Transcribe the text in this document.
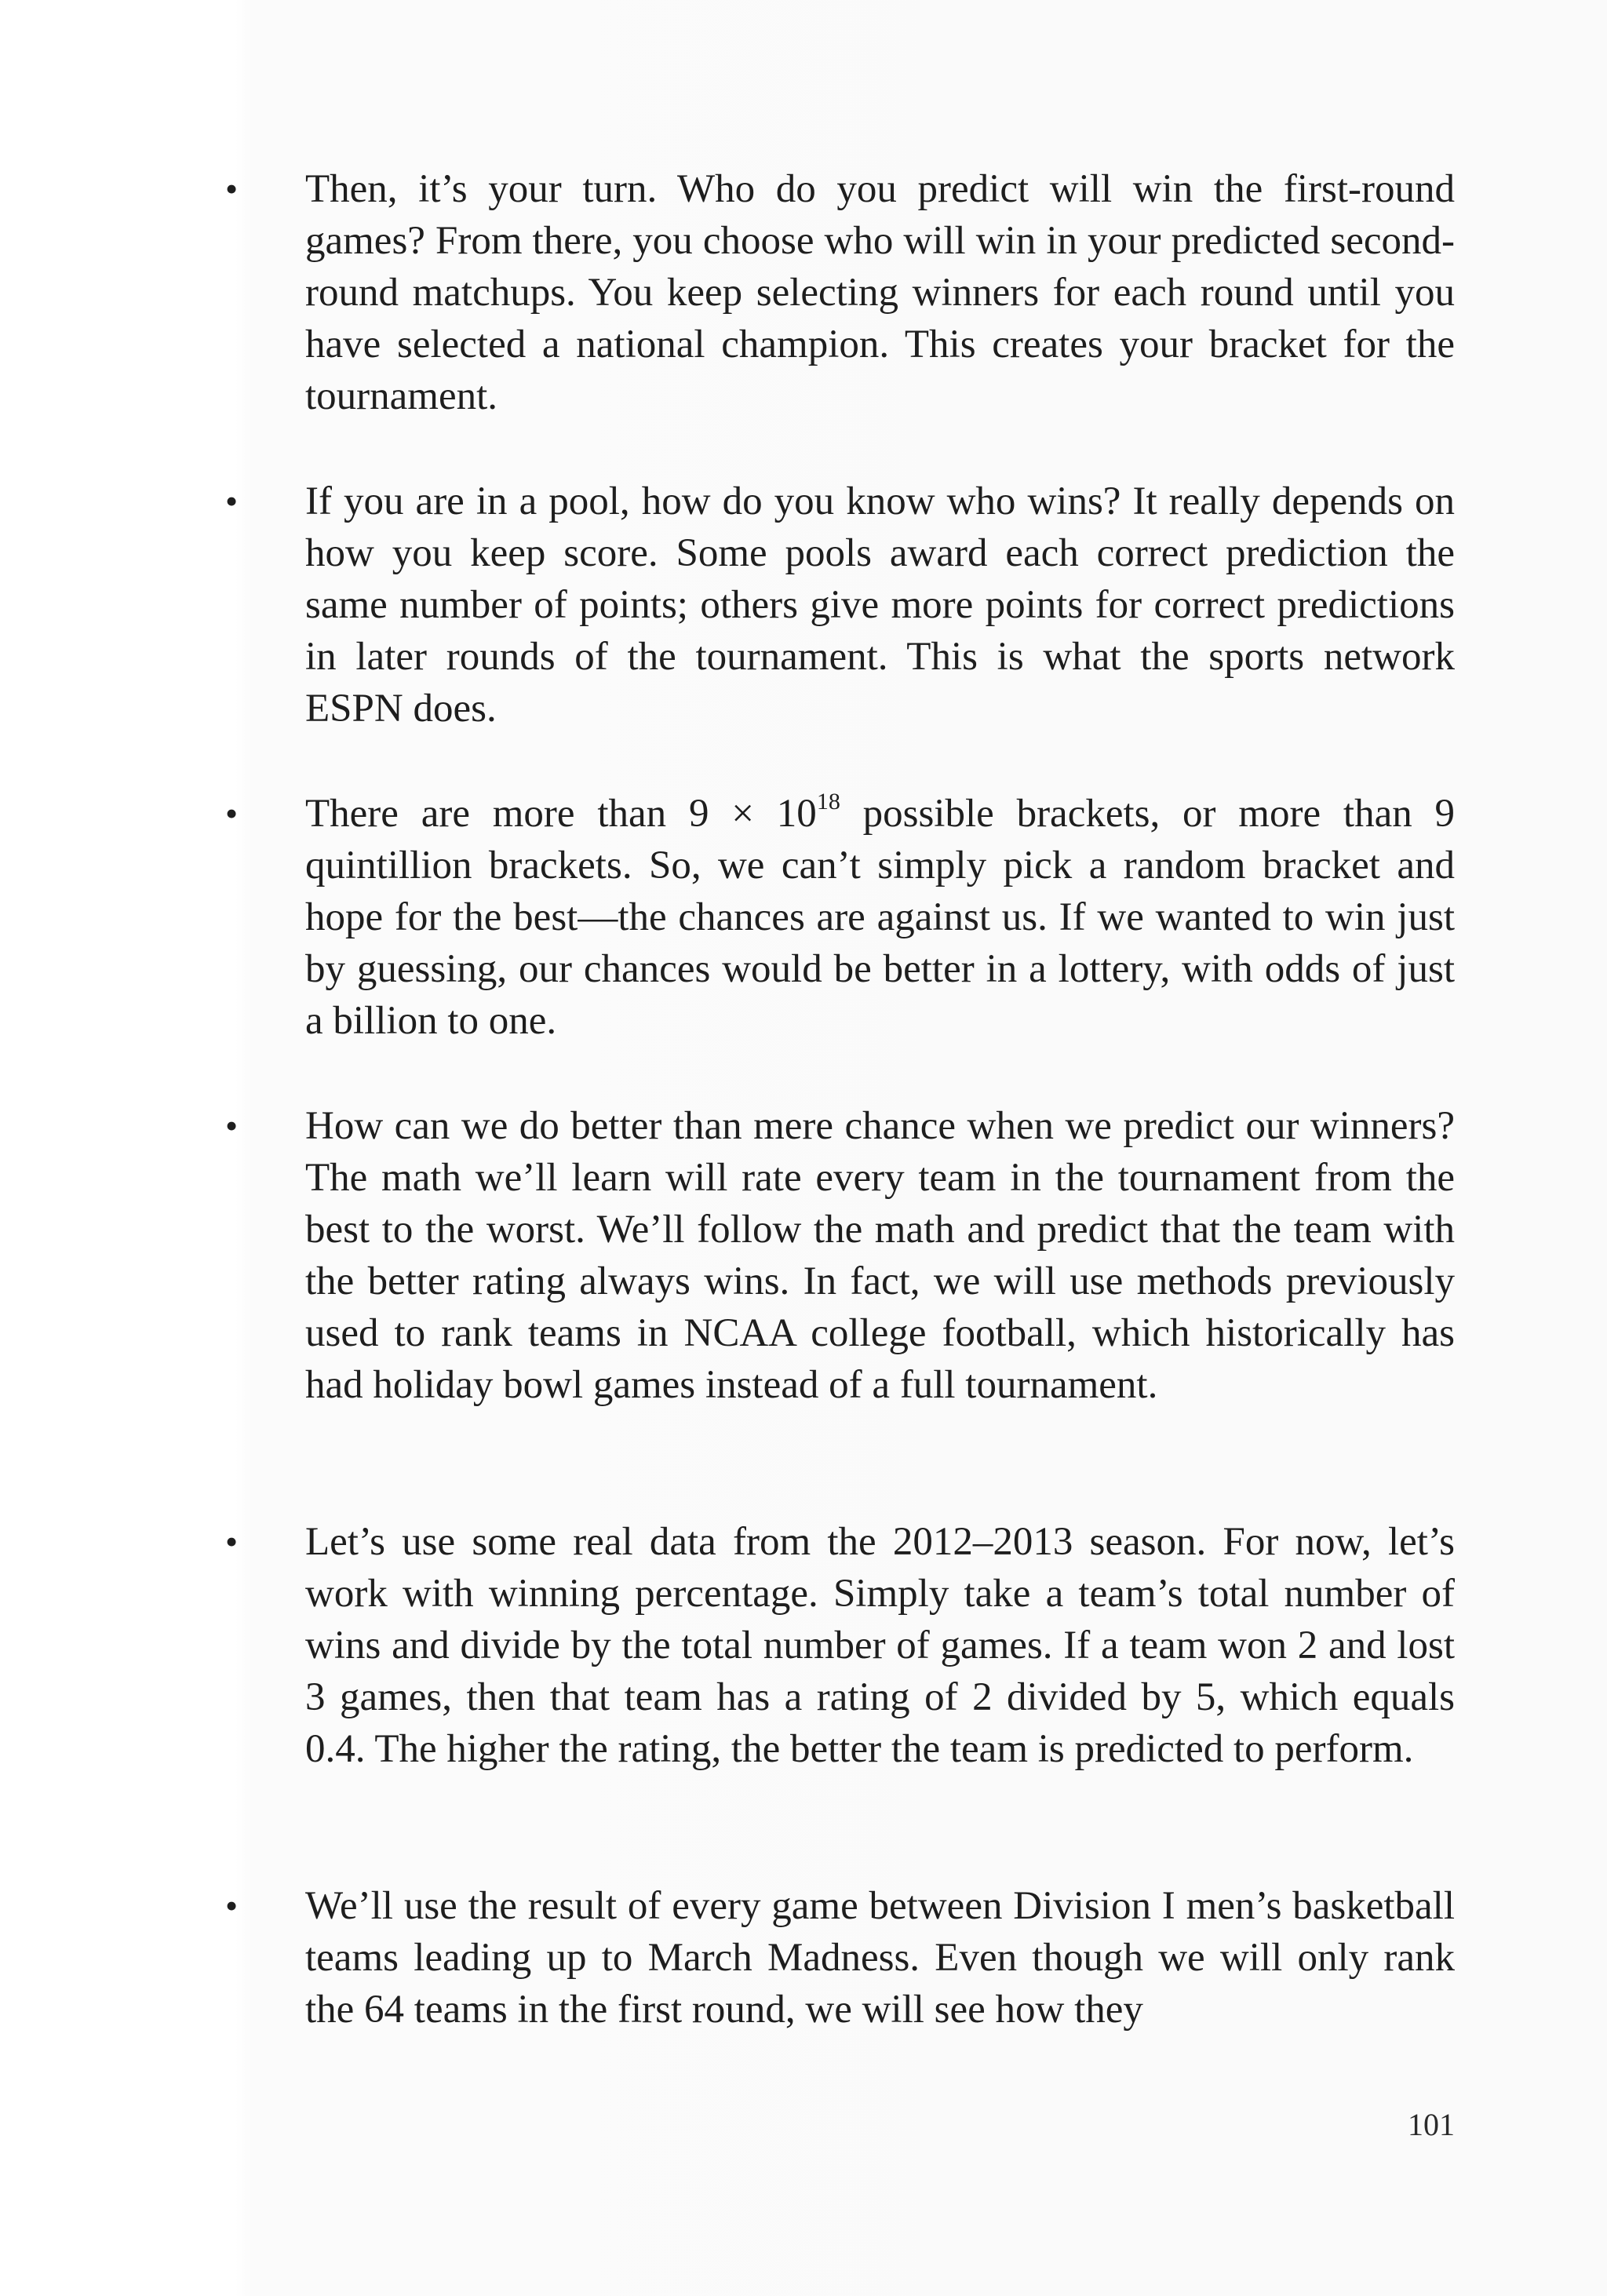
•	Then, it’s your turn. Who do you predict will win the first-round games? From there, you choose who will win in your predicted second-round matchups. You keep selecting winners for each round until you have selected a national champion. This creates your bracket for the tournament.

•	If you are in a pool, how do you know who wins? It really depends on how you keep score. Some pools award each correct prediction the same number of points; others give more points for correct predictions in later rounds of the tournament. This is what the sports network ESPN does.

•	There are more than $9 \times 10^{18}$ possible brackets, or more than 9 quintillion brackets. So, we can’t simply pick a random bracket and hope for the best—the chances are against us. If we wanted to win just by guessing, our chances would be better in a lottery, with odds of just a billion to one.

•	How can we do better than mere chance when we predict our winners? The math we’ll learn will rate every team in the tournament from the best to the worst. We’ll follow the math and predict that the team with the better rating always wins. In fact, we will use methods previously used to rank teams in NCAA college football, which historically has had holiday bowl games instead of a full tournament.

•	Let’s use some real data from the 2012–2013 season. For now, let’s work with winning percentage. Simply take a team’s total number of wins and divide by the total number of games. If a team won 2 and lost 3 games, then that team has a rating of 2 divided by 5, which equals 0.4. The higher the rating, the better the team is predicted to perform.

•	We’ll use the result of every game between Division I men’s basketball teams leading up to March Madness. Even though we will only rank the 64 teams in the first round, we will see how they

101
